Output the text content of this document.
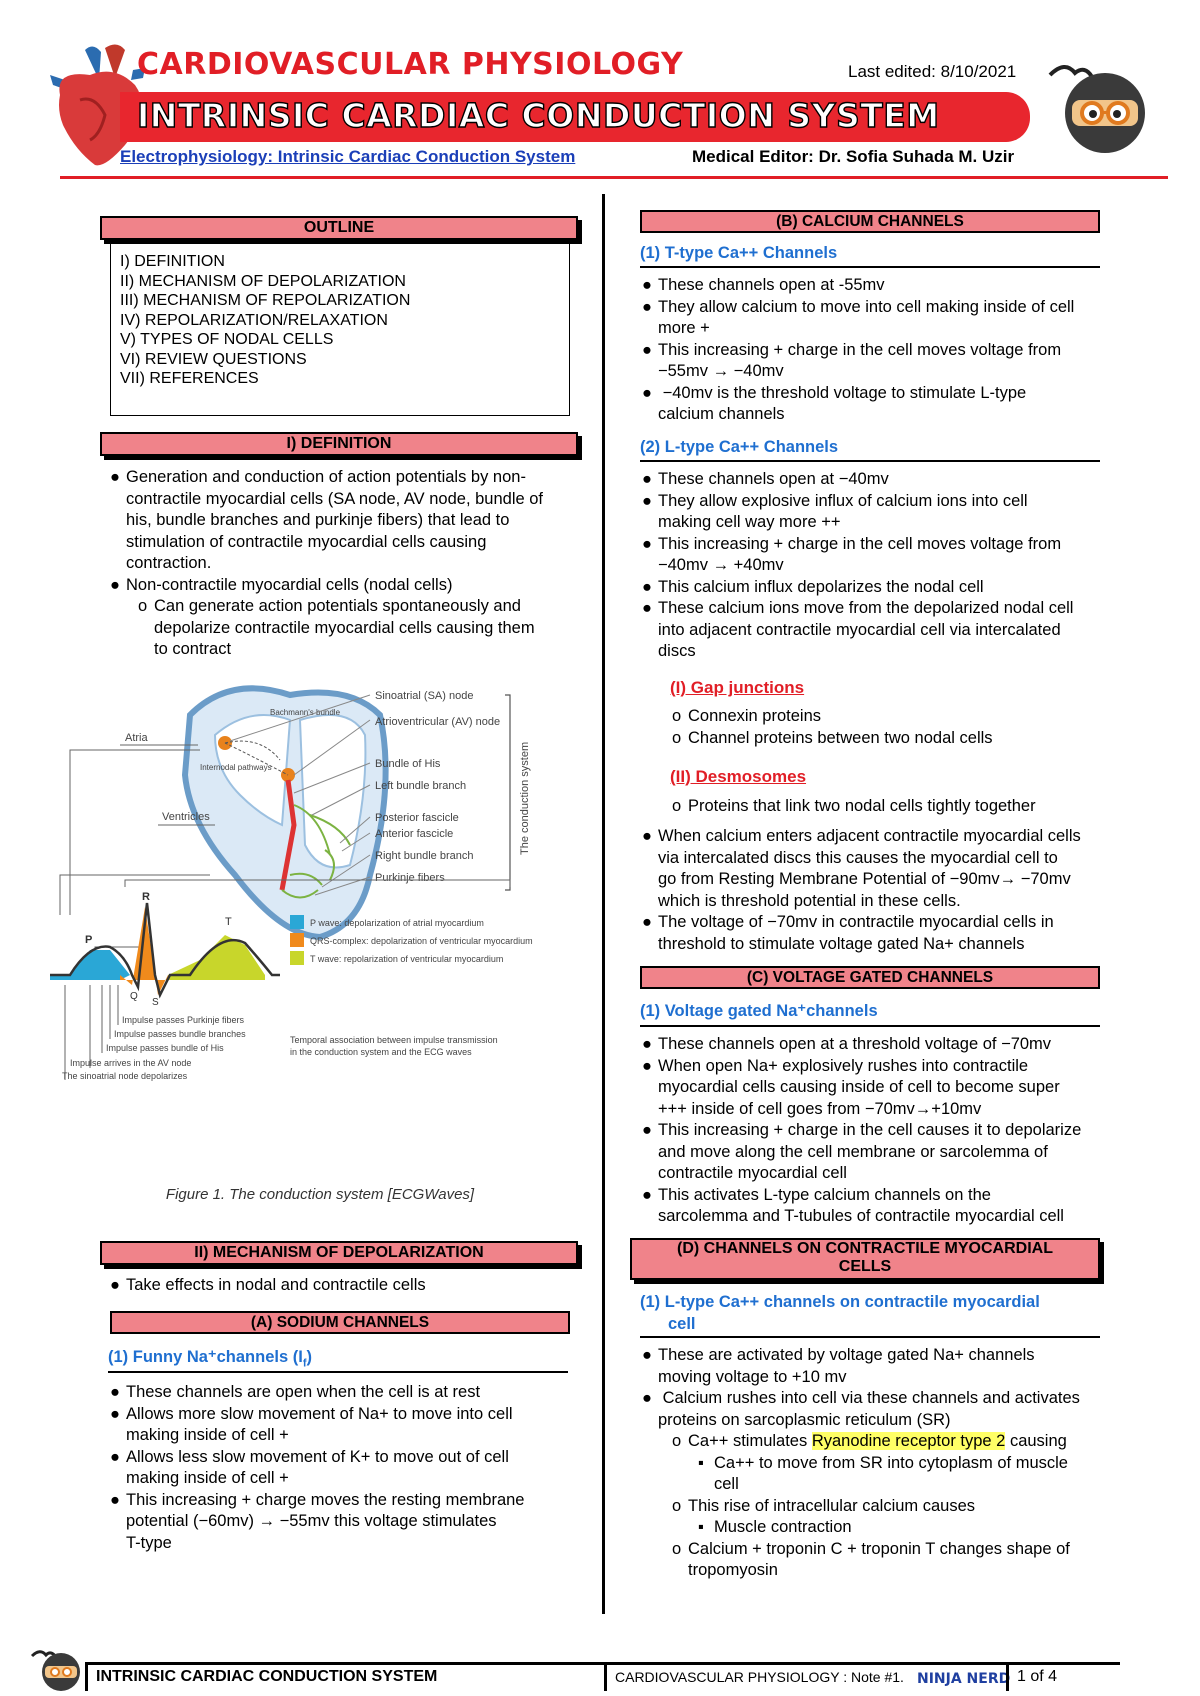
CARDIOVASCULAR PHYSIOLOGY
INTRINSIC CARDIAC CONDUCTION SYSTEM
Last edited: 8/10/2021
Electrophysiology: Intrinsic Cardiac Conduction System	Medical Editor: Dr. Sofia Suhada M. Uzir
OUTLINE
I) DEFINITION
II) MECHANISM OF DEPOLARIZATION
III) MECHANISM OF REPOLARIZATION
IV) REPOLARIZATION/RELAXATION
V) TYPES OF NODAL CELLS
VI) REVIEW QUESTIONS
VII) REFERENCES
I) DEFINITION
● Generation and conduction of action potentials by non-
contractile myocardial cells (SA node, AV node, bundle of
his, bundle branches and purkinje fibers) that lead to
stimulation of contractile myocardial cells causing
contraction.
● Non-contractile myocardial cells (nodal cells)
o Can generate action potentials spontaneously and
depolarize contractile myocardial cells causing them
to contract
Bachmann's bundle
Internodal pathways	The conduction system
Sinoatrial (SA) node
Atrioventricular (AV) node
Bundle of His
Left bundle branch
Posterior fascicle
Anterior fascicle
Right bundle branch
Purkinje fibers
Atria
Ventricles
R
P
T
Q
S
P wave: depolarization of atrial myocardium
QRS-complex: depolarization of ventricular myocardium
T wave: repolarization of ventricular myocardium
Impulse passes Purkinje fibers
Impulse passes bundle branches
Impulse passes bundle of His
Impulse arrives in the AV node
The sinoatrial node depolarizes
Temporal association between impulse transmission
in the conduction system and the ECG waves
Figure 1. The conduction system [ECGWaves]
II) MECHANISM OF DEPOLARIZATION
● Take effects in nodal and contractile cells
(A) SODIUM CHANNELS
(1) Funny Na⁺channels $(I_f)$
● These channels are open when the cell is at rest
● Allows more slow movement of Na+ to move into cell
making inside of cell +
● Allows less slow movement of K+ to move out of cell
making inside of cell +
● This increasing + charge moves the resting membrane
potential (−60mv) → −55mv this voltage stimulates
T-type
(B) CALCIUM CHANNELS
(1) T-type Ca++ Channels
● These channels open at -55mv
● They allow calcium to move into cell making inside of cell
more +
● This increasing + charge in the cell moves voltage from
−55mv → −40mv
● −40mv is the threshold voltage to stimulate L-type
calcium channels
(2) L-type Ca++ Channels
● These channels open at −40mv
● They allow explosive influx of calcium ions into cell
making cell way more ++
● This increasing + charge in the cell moves voltage from
−40mv → +40mv
● This calcium influx depolarizes the nodal cell
● These calcium ions move from the depolarized nodal cell
into adjacent contractile myocardial cell via intercalated
discs
(I) Gap junctions
o Connexin proteins
o Channel proteins between two nodal cells
(II) Desmosomes
o Proteins that link two nodal cells tightly together
● When calcium enters adjacent contractile myocardial cells
via intercalated discs this causes the myocardial cell to
go from Resting Membrane Potential of −90mv→ −70mv
which is threshold potential in these cells.
● The voltage of −70mv in contractile myocardial cells in
threshold to stimulate voltage gated Na+ channels
(C) VOLTAGE GATED CHANNELS
(1) Voltage gated Na⁺channels
● These channels open at a threshold voltage of −70mv
● When open Na+ explosively rushes into contractile
myocardial cells causing inside of cell to become super
+++ inside of cell goes from −70mv→+10mv
● This increasing + charge in the cell causes it to depolarize
and move along the cell membrane or sarcolemma of
contractile myocardial cell
● This activates L-type calcium channels on the
sarcolemma and T-tubules of contractile myocardial cell
(D) CHANNELS ON CONTRACTILE MYOCARDIAL
CELLS
(1) L-type Ca++ channels on contractile myocardial
cell
● These are activated by voltage gated Na+ channels
moving voltage to +10 mv
● Calcium rushes into cell via these channels and activates
proteins on sarcoplasmic reticulum (SR)
o Ca++ stimulates Ryanodine receptor type 2 causing
▪ Ca++ to move from SR into cytoplasm of muscle
cell
o This rise of intracellular calcium causes
▪ Muscle contraction
o Calcium + troponin C + troponin T changes shape of
tropomyosin
INTRINSIC CARDIAC CONDUCTION SYSTEM	CARDIOVASCULAR PHYSIOLOGY : Note #1. NINJA NERD 1 of 4
